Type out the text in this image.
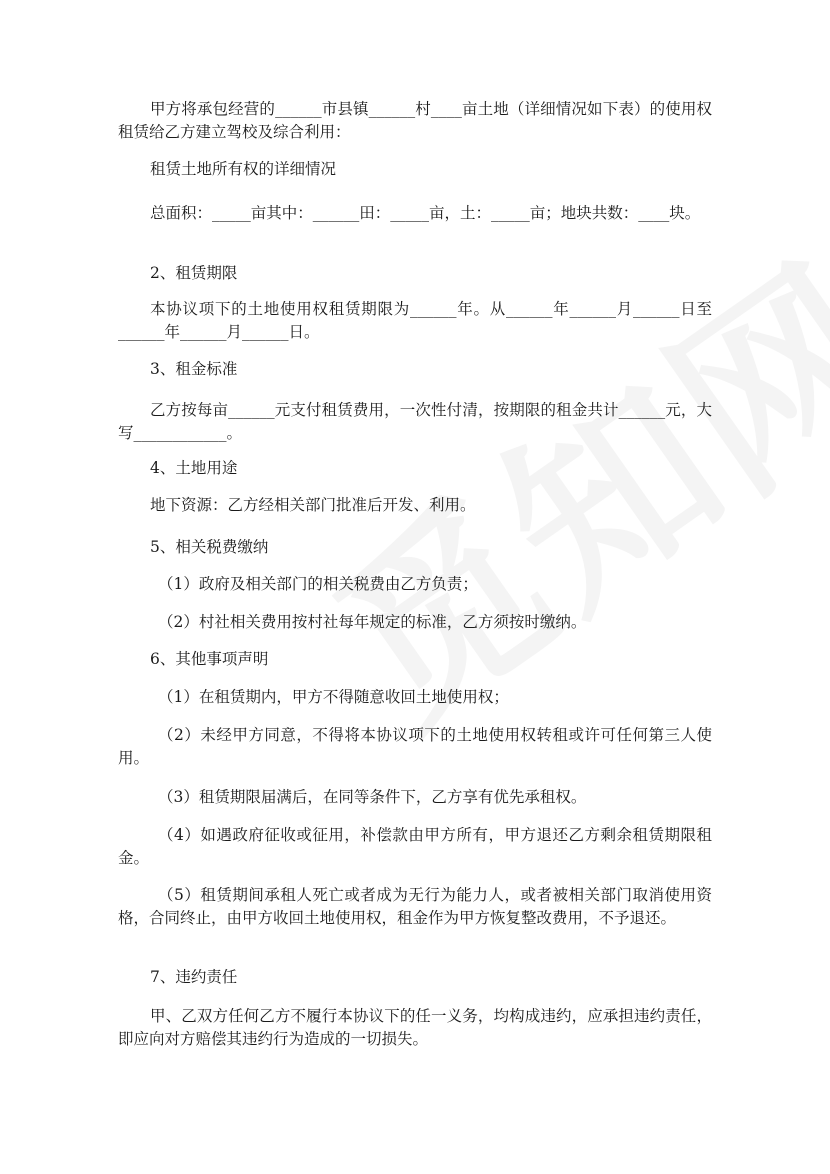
甲方将承包经营的______市县镇______村____亩土地（详细情况如下表）的使用权租赁给乙方建立驾校及综合利用：

租赁土地所有权的详细情况

总面积：_____亩其中：______田：_____亩，土：_____亩；地块共数：____块。

2、租赁期限

本协议项下的土地使用权租赁期限为______年。从______年______月______日至______年______月______日。

3、租金标准

乙方按每亩______元支付租赁费用，一次性付清，按期限的租金共计______元，大写____________。

4、土地用途

地下资源：乙方经相关部门批准后开发、利用。

5、相关税费缴纳

（1）政府及相关部门的相关税费由乙方负责；

（2）村社相关费用按村社每年规定的标准，乙方须按时缴纳。

6、其他事项声明

（1）在租赁期内，甲方不得随意收回土地使用权；

（2）未经甲方同意，不得将本协议项下的土地使用权转租或许可任何第三人使用。

（3）租赁期限届满后，在同等条件下，乙方享有优先承租权。

（4）如遇政府征收或征用，补偿款由甲方所有，甲方退还乙方剩余租赁期限租金。

（5）租赁期间承租人死亡或者成为无行为能力人，或者被相关部门取消使用资格，合同终止，由甲方收回土地使用权，租金作为甲方恢复整改费用，不予退还。

7、违约责任

甲、乙双方任何乙方不履行本协议下的任一义务，均构成违约，应承担违约责任，即应向对方赔偿其违约行为造成的一切损失。
